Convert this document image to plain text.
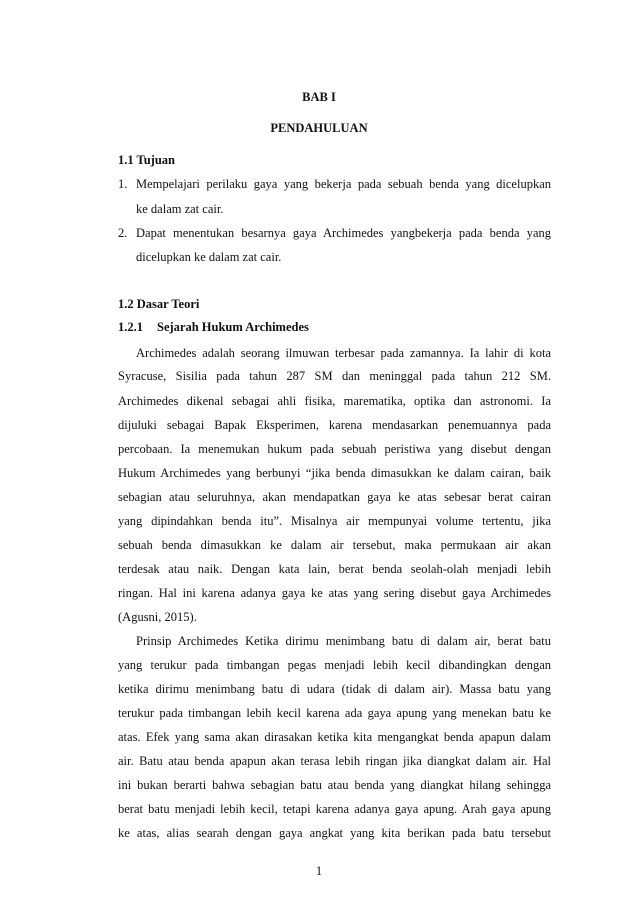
BAB I
PENDAHULUAN
1.1 Tujuan
1. Mempelajari perilaku gaya yang bekerja pada sebuah benda yang dicelupkan
ke dalam zat cair.
2. Dapat menentukan besarnya gaya Archimedes yangbekerja pada benda yang
dicelupkan ke dalam zat cair.
1.2 Dasar Teori
1.2.1 Sejarah Hukum Archimedes
Archimedes adalah seorang ilmuwan terbesar pada zamannya. Ia lahir di kota
Syracuse, Sisilia pada tahun 287 SM dan meninggal pada tahun 212 SM.
Archimedes dikenal sebagai ahli fisika, marematika, optika dan astronomi. Ia
dijuluki sebagai Bapak Eksperimen, karena mendasarkan penemuannya pada
percobaan. Ia menemukan hukum pada sebuah peristiwa yang disebut dengan
Hukum Archimedes yang berbunyi “jika benda dimasukkan ke dalam cairan, baik
sebagian atau seluruhnya, akan mendapatkan gaya ke atas sebesar berat cairan
yang dipindahkan benda itu”. Misalnya air mempunyai volume tertentu, jika
sebuah benda dimasukkan ke dalam air tersebut, maka permukaan air akan
terdesak atau naik. Dengan kata lain, berat benda seolah-olah menjadi lebih
ringan. Hal ini karena adanya gaya ke atas yang sering disebut gaya Archimedes
(Agusni, 2015).
Prinsip Archimedes Ketika dirimu menimbang batu di dalam air, berat batu
yang terukur pada timbangan pegas menjadi lebih kecil dibandingkan dengan
ketika dirimu menimbang batu di udara (tidak di dalam air). Massa batu yang
terukur pada timbangan lebih kecil karena ada gaya apung yang menekan batu ke
atas. Efek yang sama akan dirasakan ketika kita mengangkat benda apapun dalam
air. Batu atau benda apapun akan terasa lebih ringan jika diangkat dalam air. Hal
ini bukan berarti bahwa sebagian batu atau benda yang diangkat hilang sehingga
berat batu menjadi lebih kecil, tetapi karena adanya gaya apung. Arah gaya apung
ke atas, alias searah dengan gaya angkat yang kita berikan pada batu tersebut
1
